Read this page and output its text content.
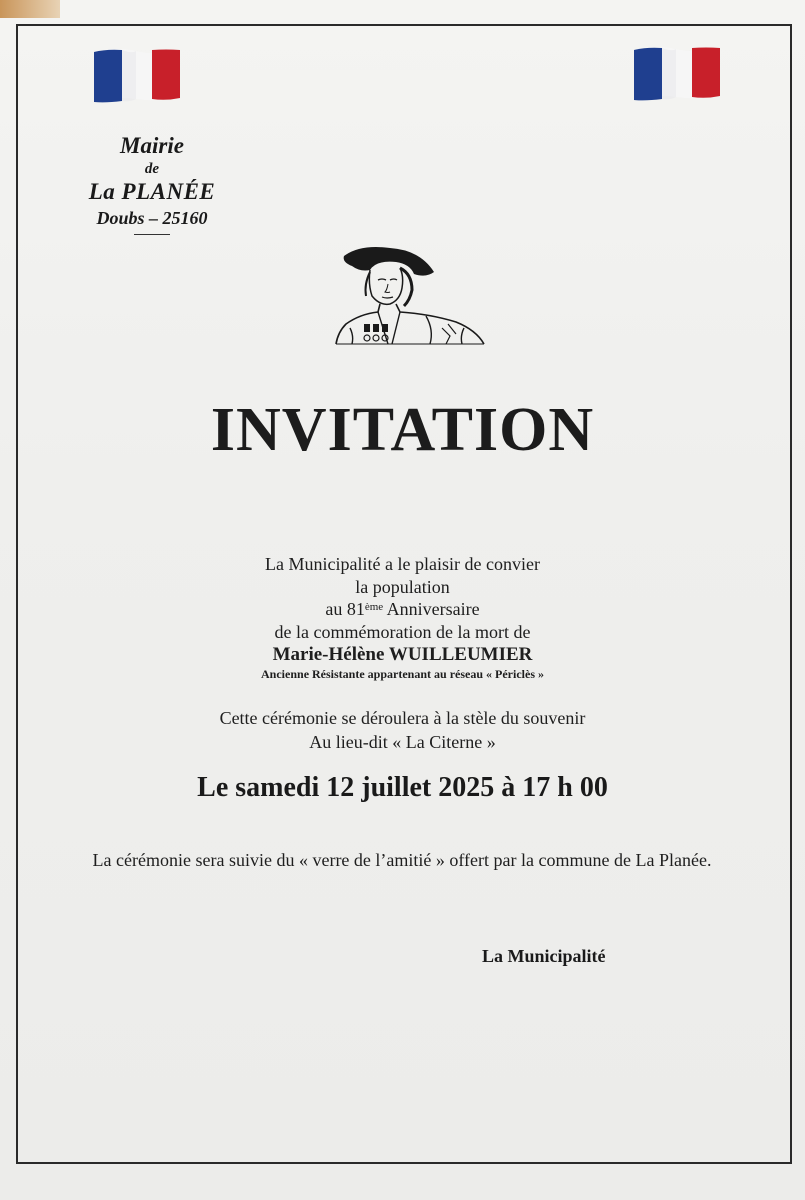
Mairie
de
La PLANÉE
Doubs – 25160
INVITATION
La Municipalité a le plaisir de convier
la population
au 81ème Anniversaire
de la commémoration de la mort de
Marie-Hélène WUILLEUMIER
Ancienne Résistante appartenant au réseau « Périclès »
Cette cérémonie se déroulera à la stèle du souvenir
Au lieu-dit « La Citerne »
Le samedi 12 juillet 2025 à 17 h 00
La cérémonie sera suivie du « verre de l’amitié » offert par la commune de La Planée.
La Municipalité
